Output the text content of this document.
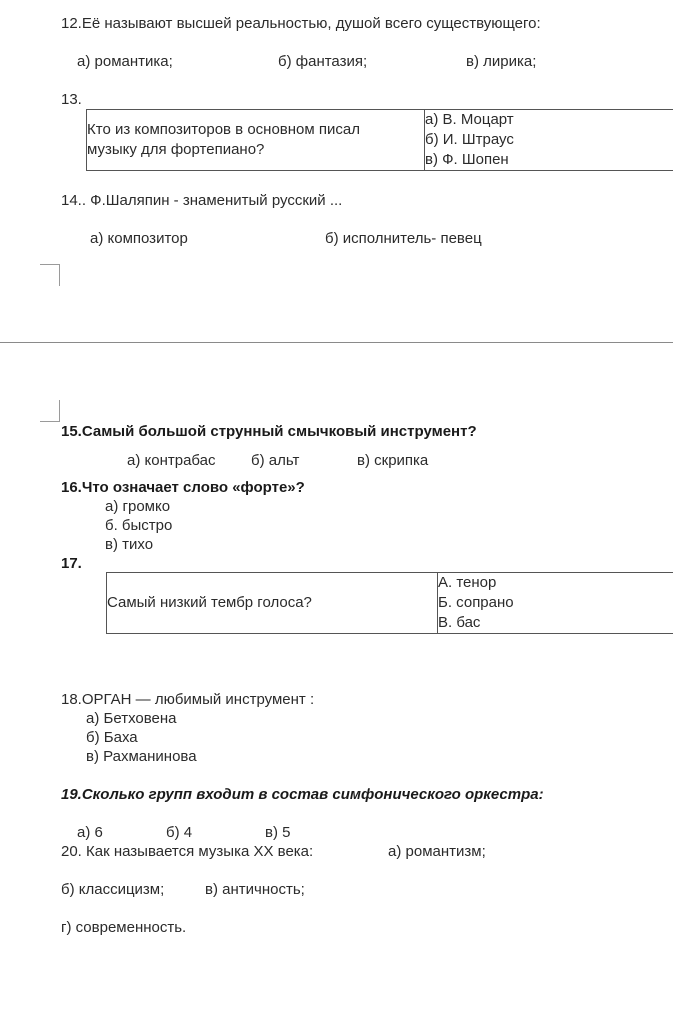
12.Её называют высшей реальностью, душой всего существующего:
а) романтика;	б) фантазия;	в) лирика;
13.
Кто из композиторов в основном писал
музыку для фортепиано?

а) В. Моцарт
б) И. Штраус
в) Ф. Шопен
14.. Ф.Шаляпин - знаменитый русский ...
а) композитор	б) исполнитель- певец
15.Самый большой струнный смычковый инструмент?
а) контрабас б) альт	в) скрипка
16.Что означает слово «форте»?
а) громко
б. быстро
в) тихо
17.
Самый низкий тембр голоса?

А. тенор
Б. сопрано
В. бас
18.ОРГАН — любимый инструмент :
а) Бетховена
б) Баха
в) Рахманинова
19.Сколько групп входит в состав симфонического оркестра:
а) 6	б) 4	в) 5
20. Как называется музыка XX века:	а) романтизм;
б) классицизм;	в) античность;
г) современность.
